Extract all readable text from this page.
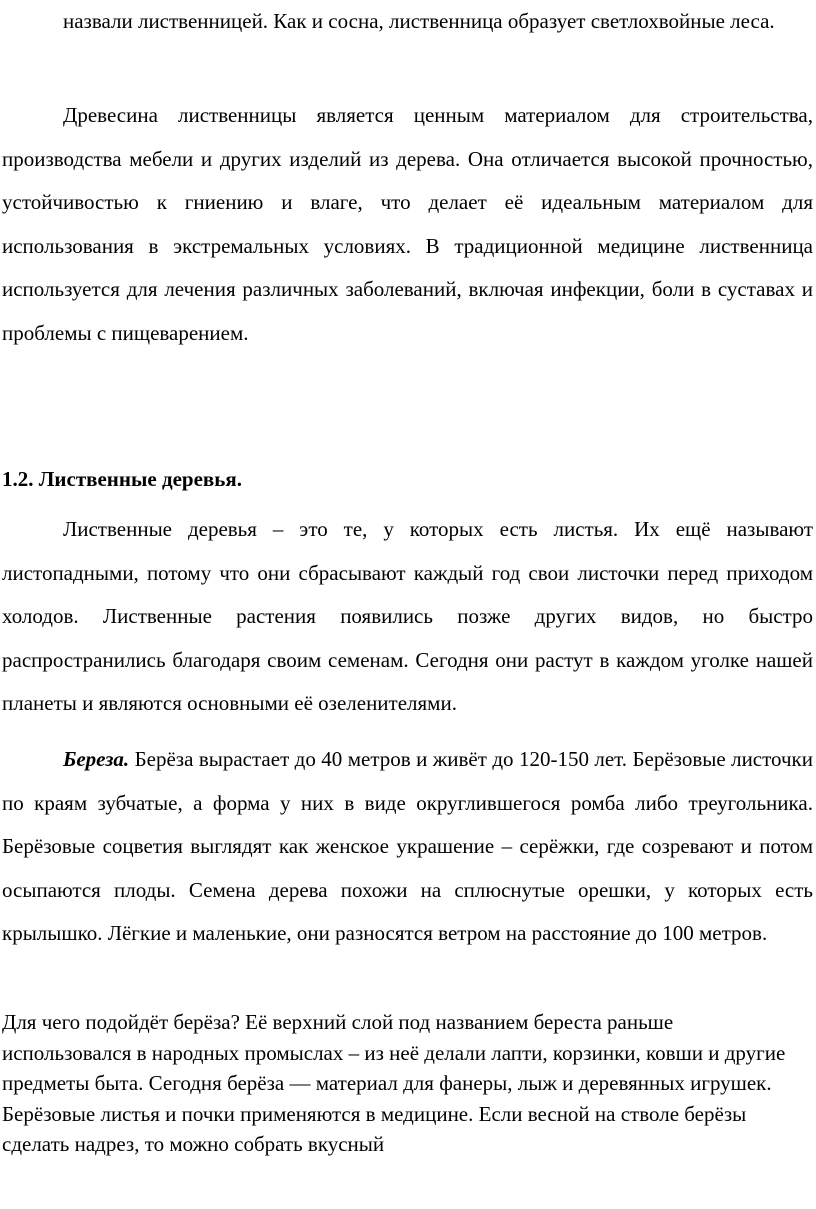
назвали лиственницей. Как и сосна, лиственница образует светлохвойные леса.

Древесина лиственницы является ценным материалом для строительства, производства мебели и других изделий из дерева. Она отличается высокой прочностью, устойчивостью к гниению и влаге, что делает её идеальным материалом для использования в экстремальных условиях. В традиционной медицине лиственница используется для лечения различных заболеваний, включая инфекции, боли в суставах и проблемы с пищеварением.

1.2. Лиственные деревья.

Лиственные деревья – это те, у которых есть листья. Их ещё называют листопадными, потому что они сбрасывают каждый год свои листочки перед приходом холодов. Лиственные растения появились позже других видов, но быстро распространились благодаря своим семенам. Сегодня они растут в каждом уголке нашей планеты и являются основными её озеленителями.

Береза. Берёза вырастает до 40 метров и живёт до 120-150 лет. Берёзовые листочки по краям зубчатые, а форма у них в виде округлившегося ромба либо треугольника. Берёзовые соцветия выглядят как женское украшение – серёжки, где созревают и потом осыпаются плоды. Семена дерева похожи на сплюснутые орешки, у которых есть крылышко. Лёгкие и маленькие, они разносятся ветром на расстояние до 100 метров.

Для чего подойдёт берёза? Её верхний слой под названием береста раньше использовался в народных промыслах – из неё делали лапти, корзинки, ковши и другие предметы быта. Сегодня берёза — материал для фанеры, лыж и деревянных игрушек. Берёзовые листья и почки применяются в медицине. Если весной на стволе берёзы сделать надрез, то можно собрать вкусный
